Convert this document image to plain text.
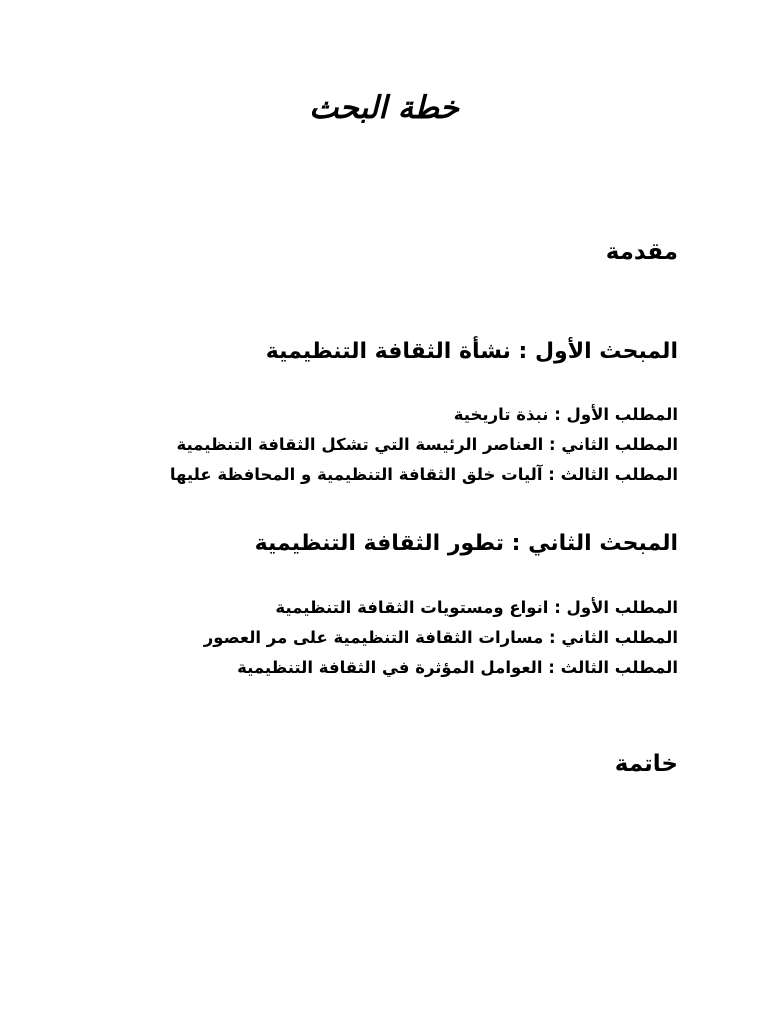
خطة البحث
مقدمة
المبحث الأول : نشأة الثقافة التنظيمية
المطلب الأول : نبذة تاريخية
المطلب الثاني : العناصر الرئيسة التي تشكل الثقافة التنظيمية
المطلب الثالث : آليات خلق الثقافة التنظيمية و المحافظة عليها
المبحث الثاني : تطور الثقافة التنظيمية
المطلب الأول : انواع ومستويات الثقافة التنظيمية
المطلب الثاني : مسارات الثقافة التنظيمية على مر العصور
المطلب الثالث : العوامل المؤثرة في الثقافة التنظيمية
خاتمة
